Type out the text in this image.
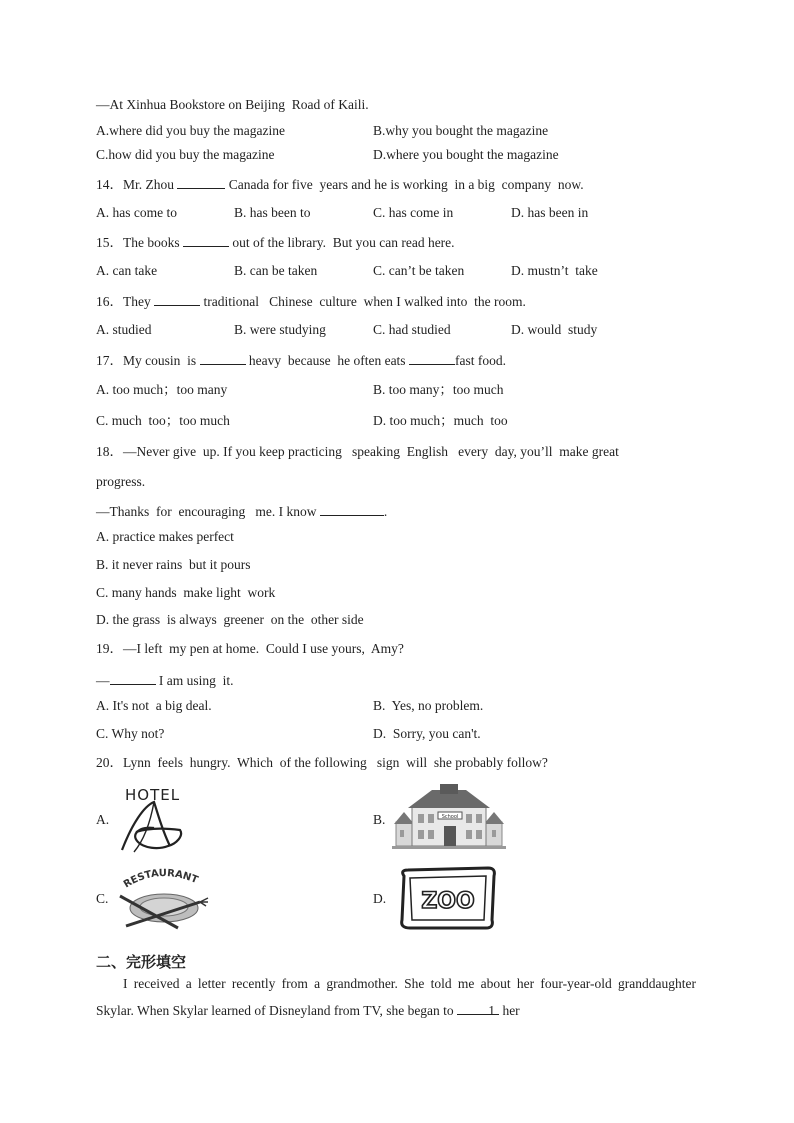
—At Xinhua Bookstore on Beijing  Road of Kaili.
A.where did you buy the magazine	B.why you bought the magazine
C.how did you buy the magazine	D.where you bought the magazine
14．Mr. Zhou	Canada for five  years and he is working  in a big  company  now.
A. has come to	B. has been to	C. has come in	D. has been in
15．The books	out of the library.  But you can read here.
A. can take	B. can be taken	C. can’t be taken	D. mustn’t  take
16．They	traditional   Chinese  culture  when I walked into  the room.
A. studied	B. were studying	C. had studied	D. would  study
17．My cousin  is	heavy  because  he often eats	fast food.
A. too much；too many	B. too many；too much
C. much  too；too much	D. too much；much  too
18．—Never give  up. If you keep practicing   speaking  English   every  day, you’ll  make great
progress.
—Thanks  for  encouraging   me. I know	.
A. practice makes perfect
B. it never rains  but it pours
C. many hands  make light  work
D. the grass  is always  greener  on the  other side
19．—I left  my pen at home.  Could I use yours,  Amy?
—	I am using  it.
A. It's not  a big deal.	B.  Yes, no problem.
C. Why not?	D.  Sorry, you can't.
20．Lynn  feels  hungry.  Which  of the following   sign  will  she probably follow?
A.
HOTEL
B.	School
C.
RESTAURANT
D. ZOO
二、完形填空
I received a letter recently from a grandmother. She told me about her four-year-old granddaughter Skylar. When Skylar learned of Disneyland from TV, she began to 1 her
